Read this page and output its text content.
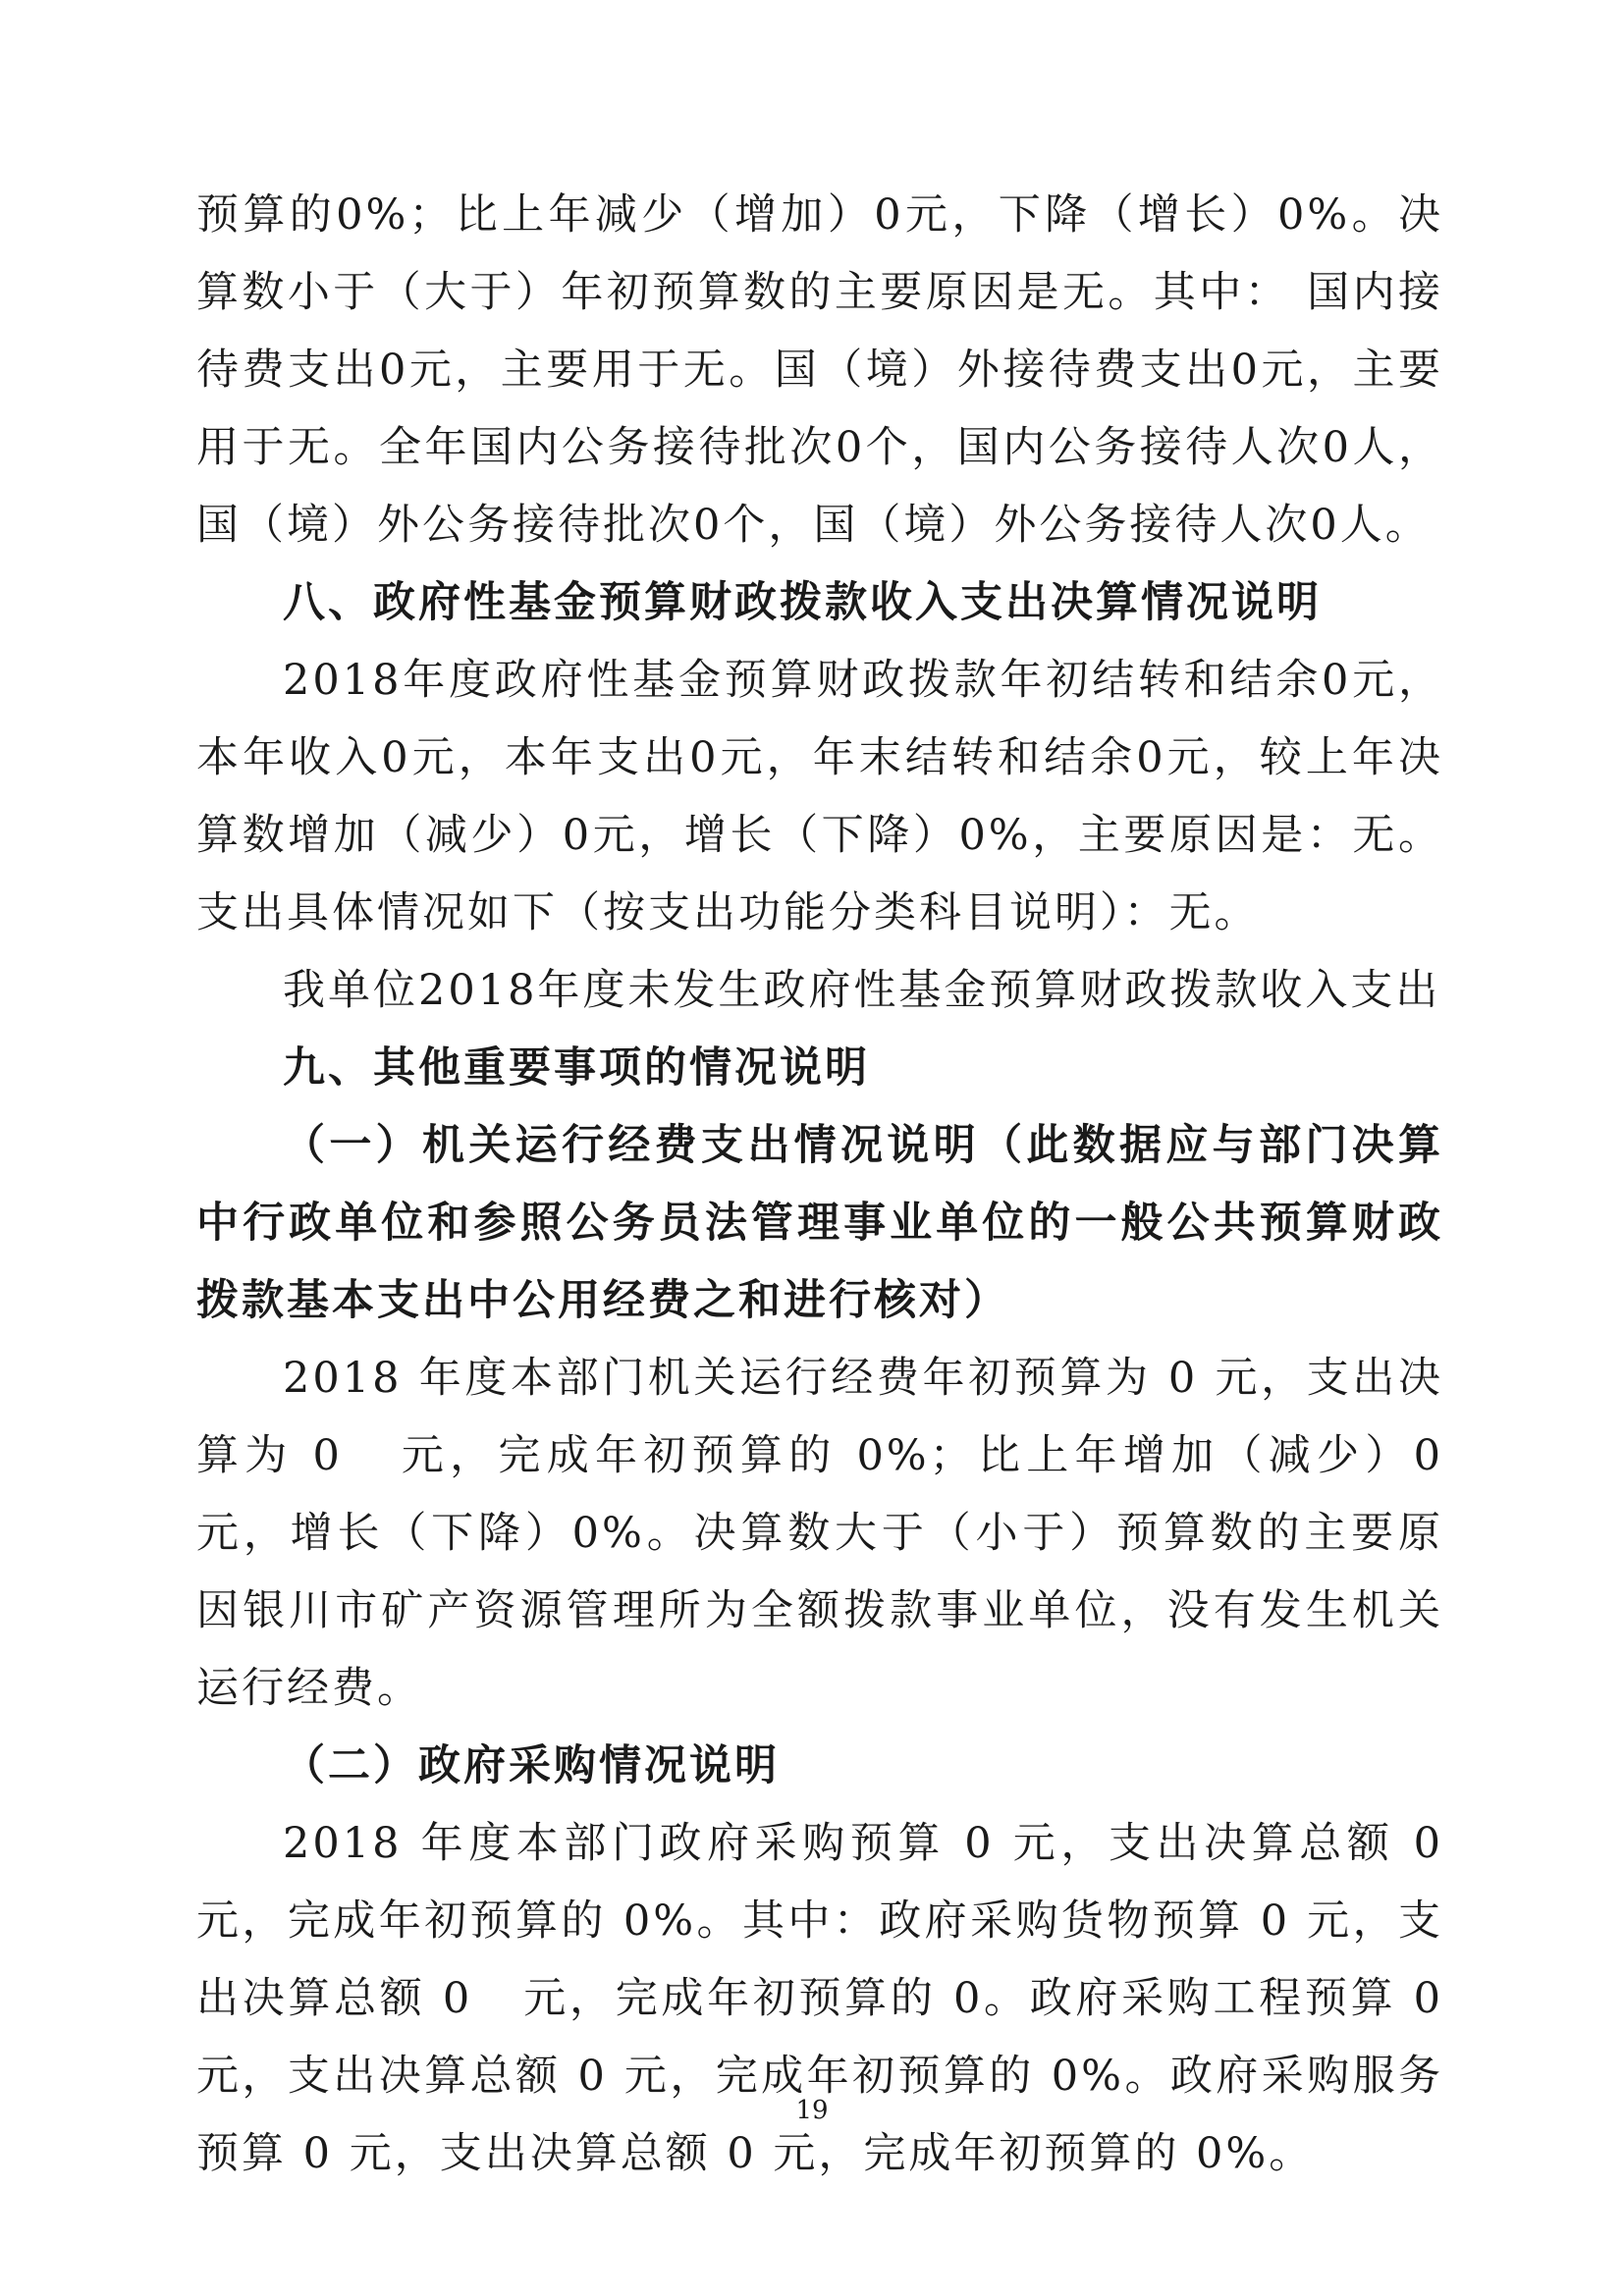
预算的0%；比上年减少（增加）0元，下降（增长）0%。决算数小于（大于）年初预算数的主要原因是无。其中： 国内接待费支出0元，主要用于无。国（境）外接待费支出0元，主要用于无。全年国内公务接待批次0个，国内公务接待人次0人，国（境）外公务接待批次0个，国（境）外公务接待人次0人。

八、政府性基金预算财政拨款收入支出决算情况说明

2018年度政府性基金预算财政拨款年初结转和结余0元，本年收入0元，本年支出0元，年末结转和结余0元，较上年决算数增加（减少）0元，增长（下降）0%，主要原因是：无。支出具体情况如下（按支出功能分类科目说明）：无。

我单位2018年度未发生政府性基金预算财政拨款收入支出

九、其他重要事项的情况说明

（一）机关运行经费支出情况说明（此数据应与部门决算中行政单位和参照公务员法管理事业单位的一般公共预算财政拨款基本支出中公用经费之和进行核对）

2018 年度本部门机关运行经费年初预算为 0 元，支出决算为 0   元，完成年初预算的 0%；比上年增加（减少）0 元，增长（下降）0%。决算数大于（小于）预算数的主要原因银川市矿产资源管理所为全额拨款事业单位，没有发生机关运行经费。

（二）政府采购情况说明

2018 年度本部门政府采购预算 0 元，支出决算总额 0 元，完成年初预算的 0%。其中：政府采购货物预算 0 元，支出决算总额 0   元，完成年初预算的 0。政府采购工程预算 0 元，支出决算总额 0 元，完成年初预算的 0%。政府采购服务预算 0 元，支出决算总额 0 元，完成年初预算的 0%。

19
